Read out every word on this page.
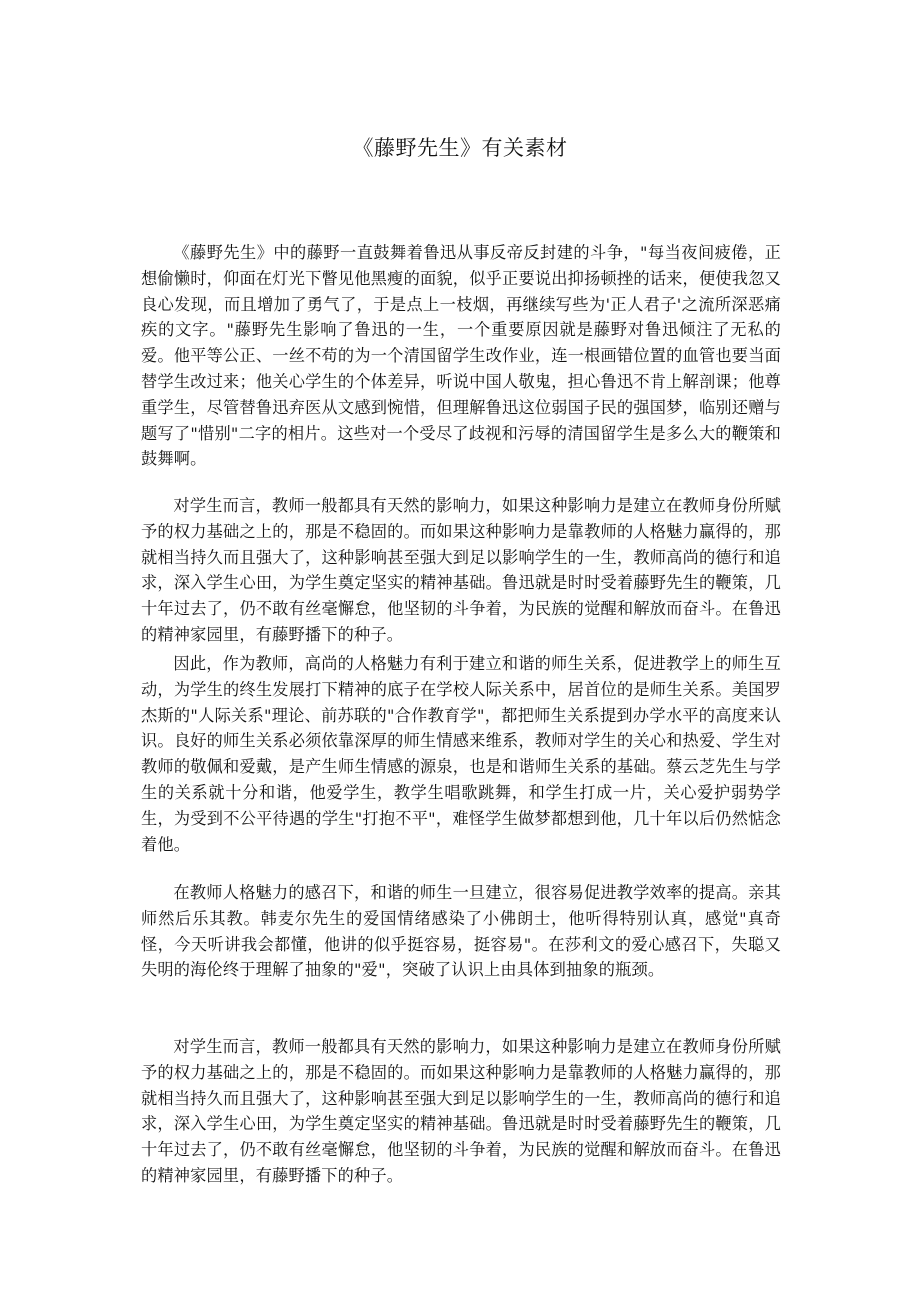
《藤野先生》有关素材
《藤野先生》中的藤野一直鼓舞着鲁迅从事反帝反封建的斗争，"每当夜间疲倦，正想偷懒时，仰面在灯光下瞥见他黑瘦的面貌，似乎正要说出抑扬顿挫的话来，便使我忽又良心发现，而且增加了勇气了，于是点上一枝烟，再继续写些为'正人君子'之流所深恶痛疾的文字。"藤野先生影响了鲁迅的一生，一个重要原因就是藤野对鲁迅倾注了无私的爱。他平等公正、一丝不苟的为一个清国留学生改作业，连一根画错位置的血管也要当面替学生改过来；他关心学生的个体差异，听说中国人敬鬼，担心鲁迅不肯上解剖课；他尊重学生，尽管替鲁迅弃医从文感到惋惜，但理解鲁迅这位弱国子民的强国梦，临别还赠与题写了"惜别"二字的相片。这些对一个受尽了歧视和污辱的清国留学生是多么大的鞭策和鼓舞啊。
对学生而言，教师一般都具有天然的影响力，如果这种影响力是建立在教师身份所赋予的权力基础之上的，那是不稳固的。而如果这种影响力是靠教师的人格魅力赢得的，那就相当持久而且强大了，这种影响甚至强大到足以影响学生的一生，教师高尚的德行和追求，深入学生心田，为学生奠定坚实的精神基础。鲁迅就是时时受着藤野先生的鞭策，几十年过去了，仍不敢有丝毫懈怠，他坚韧的斗争着，为民族的觉醒和解放而奋斗。在鲁迅的精神家园里，有藤野播下的种子。
因此，作为教师，高尚的人格魅力有利于建立和谐的师生关系，促进教学上的师生互动，为学生的终生发展打下精神的底子在学校人际关系中，居首位的是师生关系。美国罗杰斯的"人际关系"理论、前苏联的"合作教育学"，都把师生关系提到办学水平的高度来认识。良好的师生关系必须依靠深厚的师生情感来维系，教师对学生的关心和热爱、学生对教师的敬佩和爱戴，是产生师生情感的源泉，也是和谐师生关系的基础。蔡云芝先生与学生的关系就十分和谐，他爱学生，教学生唱歌跳舞，和学生打成一片，关心爱护弱势学生，为受到不公平待遇的学生"打抱不平"，难怪学生做梦都想到他，几十年以后仍然惦念着他。
在教师人格魅力的感召下，和谐的师生一旦建立，很容易促进教学效率的提高。亲其师然后乐其教。韩麦尔先生的爱国情绪感染了小佛朗士，他听得特别认真，感觉"真奇怪，今天听讲我会都懂，他讲的似乎挺容易，挺容易"。在莎利文的爱心感召下，失聪又失明的海伦终于理解了抽象的"爱"，突破了认识上由具体到抽象的瓶颈。
对学生而言，教师一般都具有天然的影响力，如果这种影响力是建立在教师身份所赋予的权力基础之上的，那是不稳固的。而如果这种影响力是靠教师的人格魅力赢得的，那就相当持久而且强大了，这种影响甚至强大到足以影响学生的一生，教师高尚的德行和追求，深入学生心田，为学生奠定坚实的精神基础。鲁迅就是时时受着藤野先生的鞭策，几十年过去了，仍不敢有丝毫懈怠，他坚韧的斗争着，为民族的觉醒和解放而奋斗。在鲁迅的精神家园里，有藤野播下的种子。
